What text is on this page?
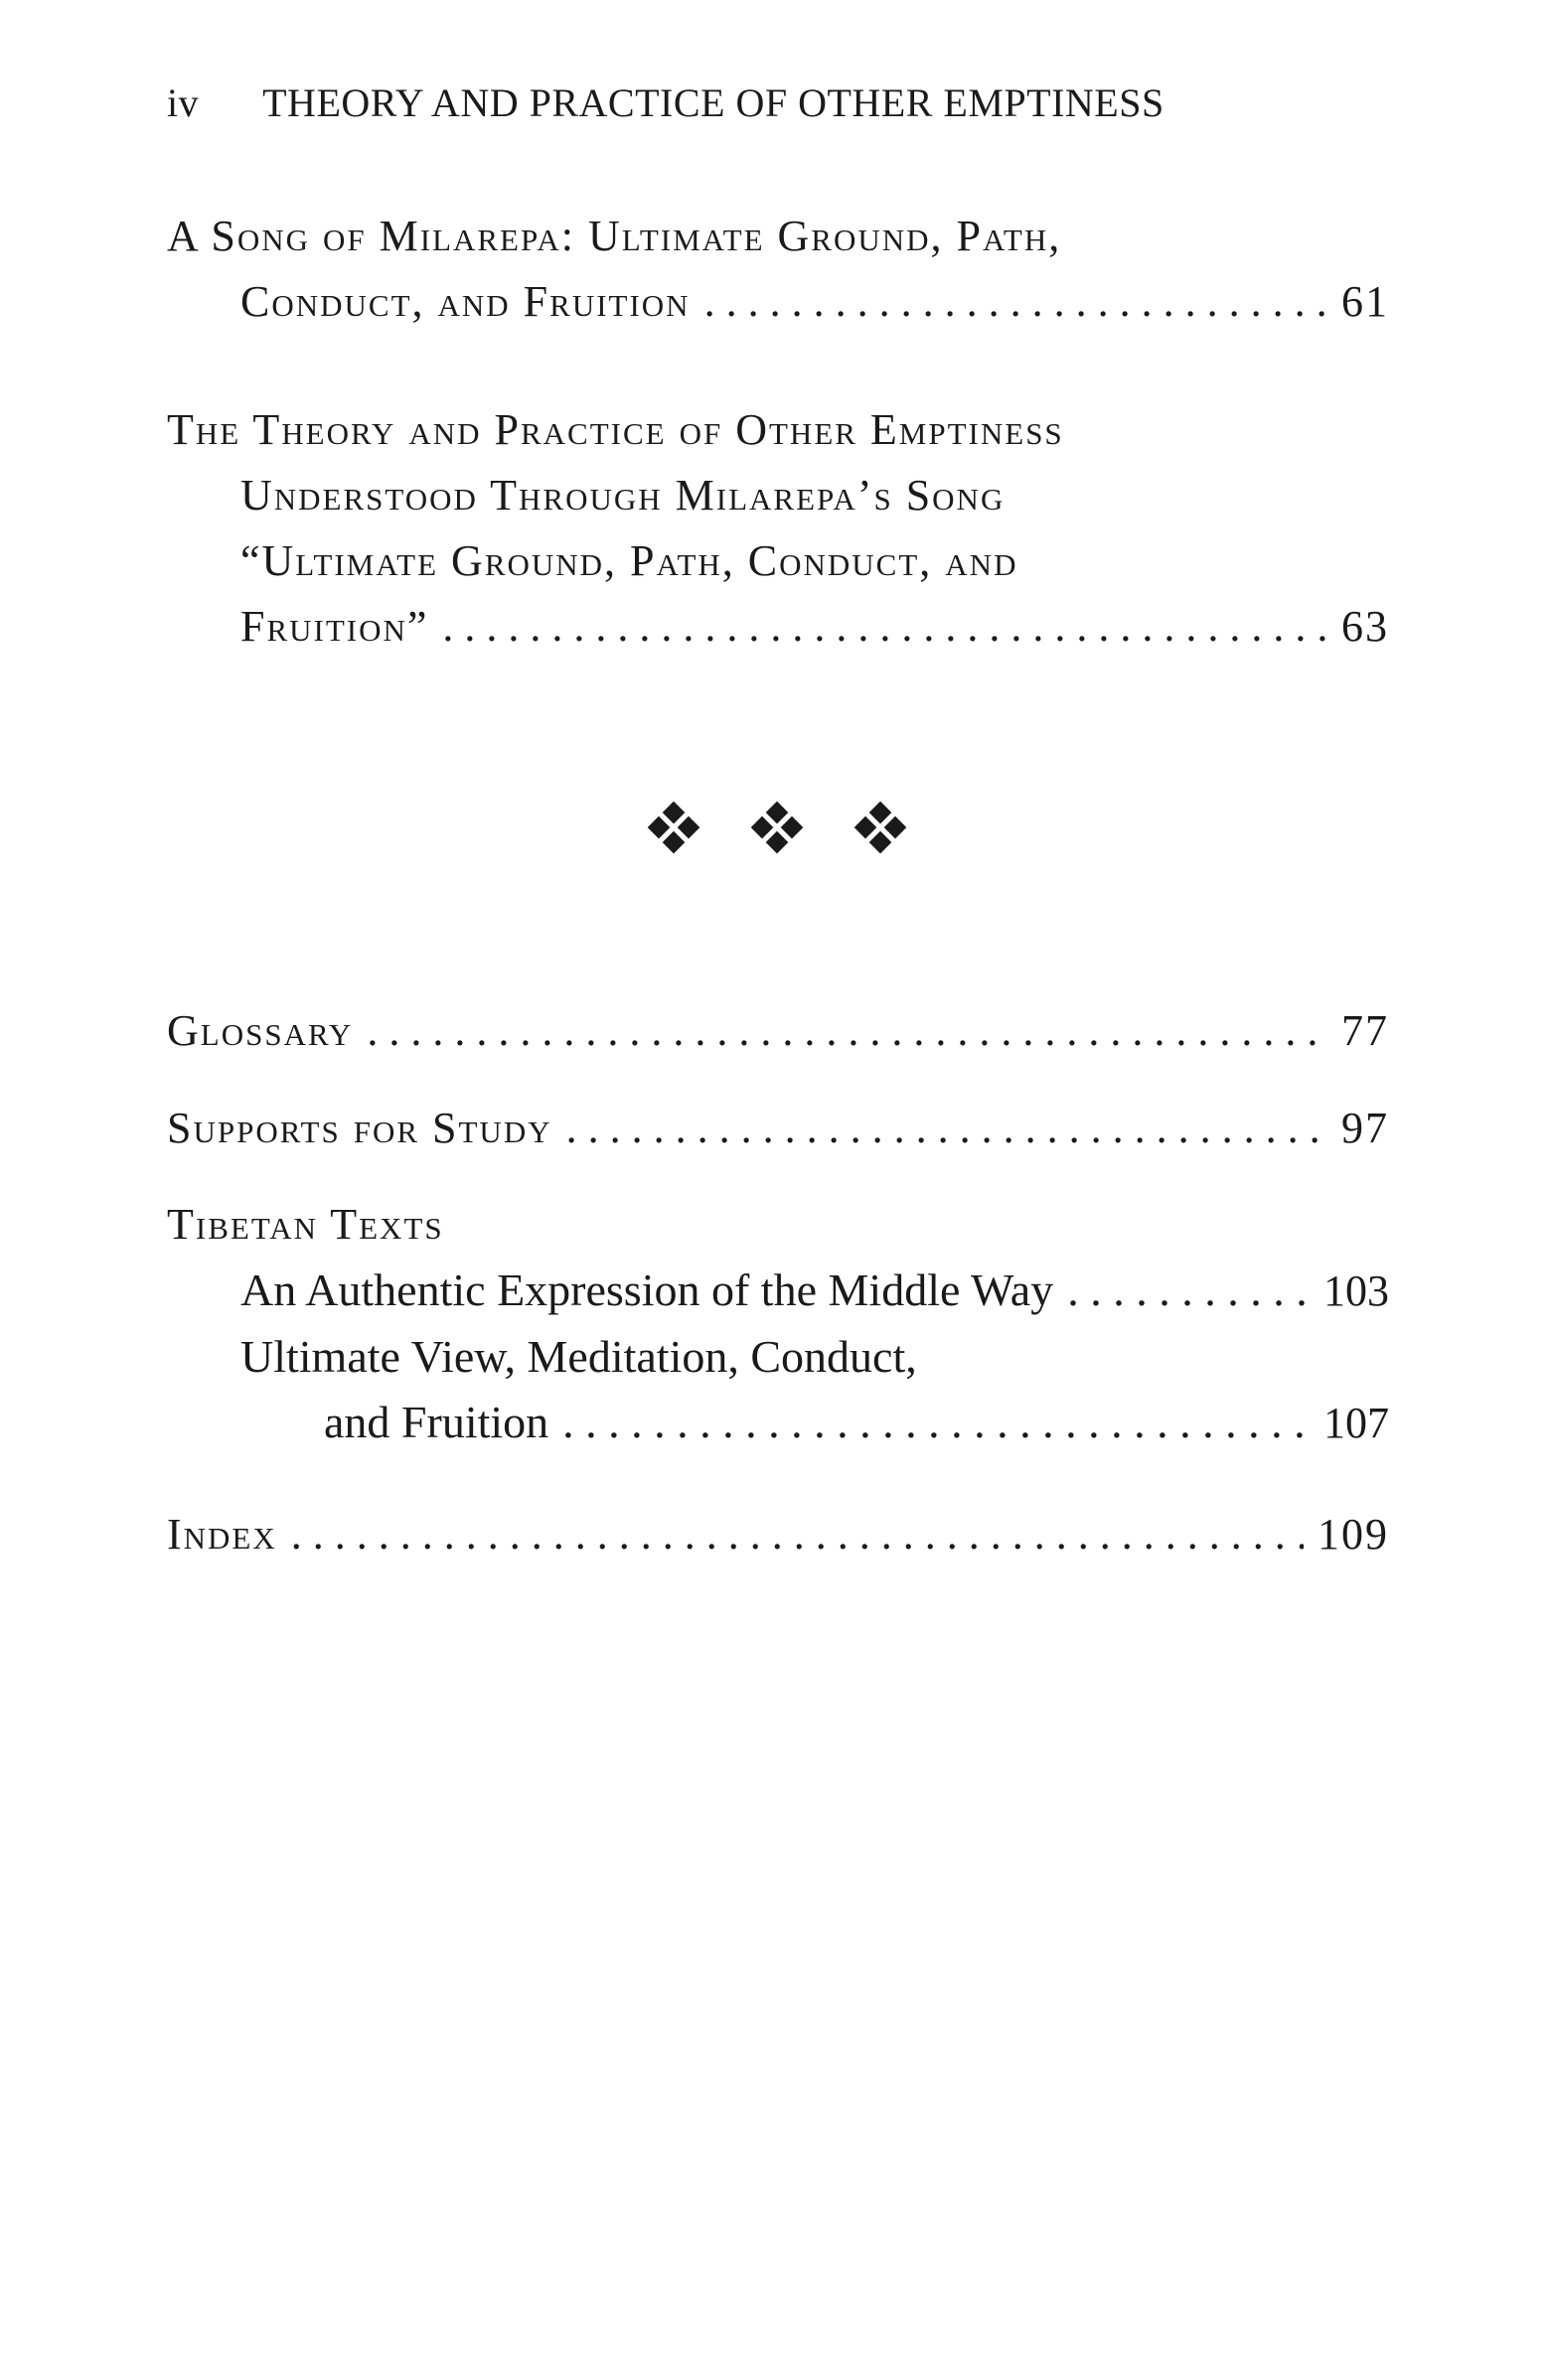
iv THEORY AND PRACTICE OF OTHER EMPTINESS
A Song of Milarepa: Ultimate Ground, Path,
Conduct, and Fruition . . .	61
The Theory and Practice of Other Emptiness
Understood Through Milarepa’s Song
“Ultimate Ground, Path, Conduct, and
Fruition” . . .	63
Glossary . . .	77
Supports for Study . . .	97
Tibetan Texts
An Authentic Expression of the Middle Way . . .	103
Ultimate View, Meditation, Conduct,
and Fruition . . .	107
Index . . .	109
